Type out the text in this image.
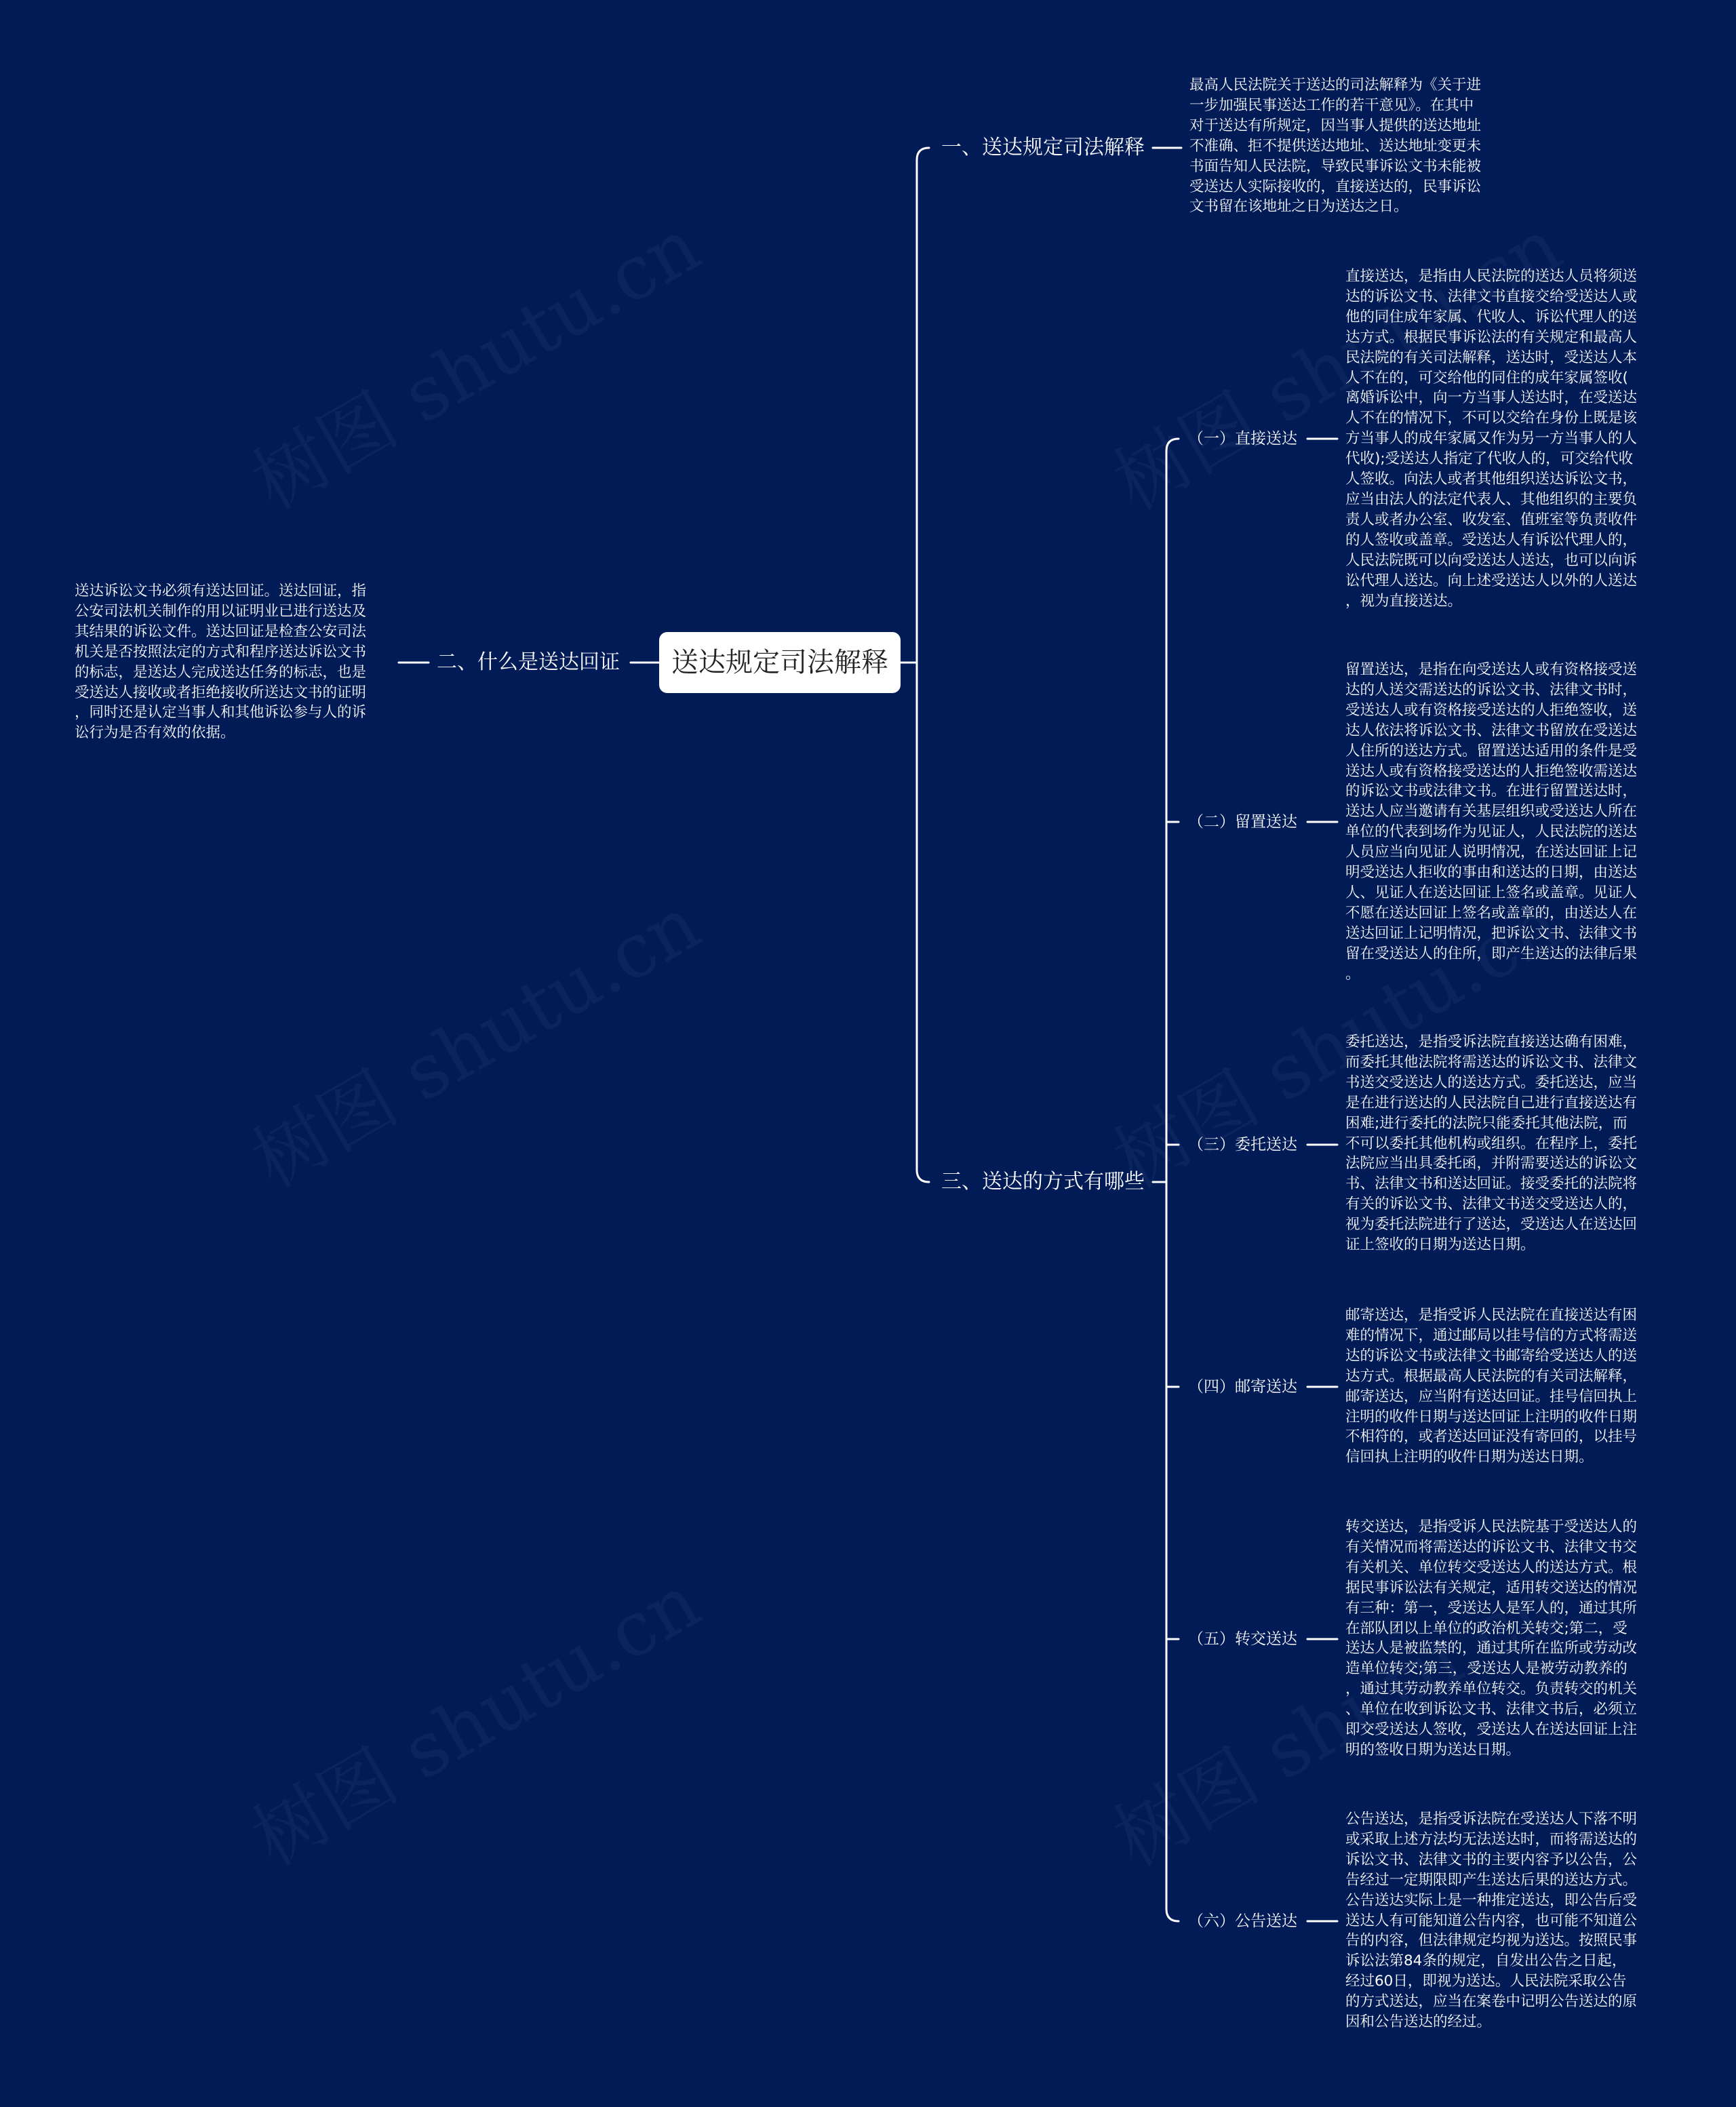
送达规定司法解释
二、什么是送达回证
送达诉讼文书必须有送达回证。送达回证，指
公安司法机关制作的用以证明业已进行送达及
其结果的诉讼文件。送达回证是检查公安司法
机关是否按照法定的方式和程序送达诉讼文书
的标志，是送达人完成送达任务的标志，也是
受送达人接收或者拒绝接收所送达文书的证明
，同时还是认定当事人和其他诉讼参与人的诉
讼行为是否有效的依据。
一、送达规定司法解释
最高人民法院关于送达的司法解释为《关于进
一步加强民事送达工作的若干意见》。在其中
对于送达有所规定，因当事人提供的送达地址
不准确、拒不提供送达地址、送达地址变更未
书面告知人民法院，导致民事诉讼文书未能被
受送达人实际接收的，直接送达的，民事诉讼
文书留在该地址之日为送达之日。
三、送达的方式有哪些
（一）直接送达
直接送达，是指由人民法院的送达人员将须送
达的诉讼文书、法律文书直接交给受送达人或
他的同住成年家属、代收人、诉讼代理人的送
达方式。根据民事诉讼法的有关规定和最高人
民法院的有关司法解释，送达时，受送达人本
人不在的，可交给他的同住的成年家属签收(
离婚诉讼中，向一方当事人送达时，在受送达
人不在的情况下，不可以交给在身份上既是该
方当事人的成年家属又作为另一方当事人的人
代收);受送达人指定了代收人的，可交给代收
人签收。向法人或者其他组织送达诉讼文书，
应当由法人的法定代表人、其他组织的主要负
责人或者办公室、收发室、值班室等负责收件
的人签收或盖章。受送达人有诉讼代理人的，
人民法院既可以向受送达人送达，也可以向诉
讼代理人送达。向上述受送达人以外的人送达
，视为直接送达。
（二）留置送达
留置送达，是指在向受送达人或有资格接受送
达的人送交需送达的诉讼文书、法律文书时，
受送达人或有资格接受送达的人拒绝签收，送
达人依法将诉讼文书、法律文书留放在受送达
人住所的送达方式。留置送达适用的条件是受
送达人或有资格接受送达的人拒绝签收需送达
的诉讼文书或法律文书。在进行留置送达时，
送达人应当邀请有关基层组织或受送达人所在
单位的代表到场作为见证人，人民法院的送达
人员应当向见证人说明情况，在送达回证上记
明受送达人拒收的事由和送达的日期，由送达
人、见证人在送达回证上签名或盖章。见证人
不愿在送达回证上签名或盖章的，由送达人在
送达回证上记明情况，把诉讼文书、法律文书
留在受送达人的住所，即产生送达的法律后果
。
（三）委托送达
委托送达，是指受诉法院直接送达确有困难，
而委托其他法院将需送达的诉讼文书、法律文
书送交受送达人的送达方式。委托送达，应当
是在进行送达的人民法院自己进行直接送达有
困难;进行委托的法院只能委托其他法院，而
不可以委托其他机构或组织。在程序上，委托
法院应当出具委托函，并附需要送达的诉讼文
书、法律文书和送达回证。接受委托的法院将
有关的诉讼文书、法律文书送交受送达人的，
视为委托法院进行了送达，受送达人在送达回
证上签收的日期为送达日期。
（四）邮寄送达
邮寄送达，是指受诉人民法院在直接送达有困
难的情况下，通过邮局以挂号信的方式将需送
达的诉讼文书或法律文书邮寄给受送达人的送
达方式。根据最高人民法院的有关司法解释，
邮寄送达，应当附有送达回证。挂号信回执上
注明的收件日期与送达回证上注明的收件日期
不相符的，或者送达回证没有寄回的，以挂号
信回执上注明的收件日期为送达日期。
（五）转交送达
转交送达，是指受诉人民法院基于受送达人的
有关情况而将需送达的诉讼文书、法律文书交
有关机关、单位转交受送达人的送达方式。根
据民事诉讼法有关规定，适用转交送达的情况
有三种：第一，受送达人是军人的，通过其所
在部队团以上单位的政治机关转交;第二，受
送达人是被监禁的，通过其所在监所或劳动改
造单位转交;第三，受送达人是被劳动教养的
，通过其劳动教养单位转交。负责转交的机关
、单位在收到诉讼文书、法律文书后，必须立
即交受送达人签收，受送达人在送达回证上注
明的签收日期为送达日期。
（六）公告送达
公告送达，是指受诉法院在受送达人下落不明
或采取上述方法均无法送达时，而将需送达的
诉讼文书、法律文书的主要内容予以公告，公
告经过一定期限即产生送达后果的送达方式。
公告送达实际上是一种推定送达，即公告后受
送达人有可能知道公告内容，也可能不知道公
告的内容，但法律规定均视为送达。按照民事
诉讼法第84条的规定，自发出公告之日起，
经过60日，即视为送达。人民法院采取公告
的方式送达，应当在案卷中记明公告送达的原
因和公告送达的经过。
